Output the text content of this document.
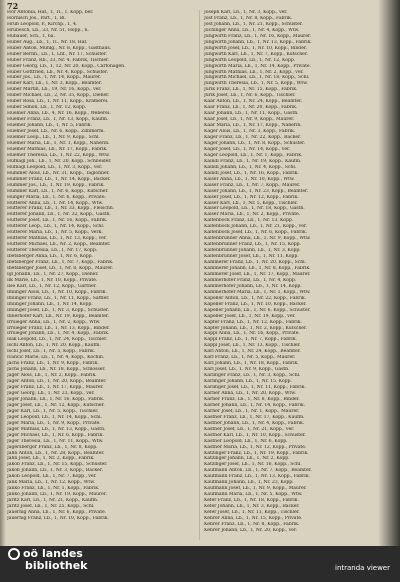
72
Hör Antonia, Haf., 1, Tl., 1, Kopp, ber.
Hörnisch Jos., Part., 1, Bl.
Hrub Leopold, P., Kirchp., 1, 4.
Hrubesch, Lb., 33, Nr. 51, Hopp., n.
Hubauer, Sch., 1, 6a.
Huber Aug., Lb., 1, Tl., Nr. 18, Haf.
Huber Anton, Mühlg., Nr. 8, Kopp., Gasthaus.
Huber Bernh., Lb., 1, Lhf., Nr. 17, Schuster.
Huber Franz, Rb., 33, Nr. 4, Fabrik, Tischler.
Huber Georg, Lb., 1, 12, Nr. 20, Kopp., Cartonagen.
Huber Gottfried, Lb., Nr. 4, Kopp., Schuster.
Huber Jos., Lb., 1, Nr. 14, Kopp., Maurer.
Huber Karl, Lb., 1, Nr. 3, Kopp., Beamter.
Huber Martin, Lb., 19, Nr. 16, Kopp., ver.
Huber Michael, Lb., 2, Nr. 35, Kopp., Diener.
Huber Rosa, Lb., 1, Nr. 11, Kopp., Krämerei.
Huber Simon, Lb., 1, Nr. 12, Kopp.
Huemer Anna, Lb., 4, Nr. 16, Kopp., Weberei.
Huemer Franz, Lb., 1, Nr. 13, Kopp., Kaufm.
Huemer Johann, Lb., 1, Nr. 5, Fabrik.
Huemer Josef, Lb., Nr. 6, Kopp., Zimmerm.
Huemer Leop., Lb., 1, Nr. 9, Kopp., Schl.
Huemer Maria, Lb., 1, Nr. 1, Kopp., Näherin.
Huemer Mathias, Lb., Nr. 17, Kopp., Fabrik.
Huemer Theresia, Lb., 1, Nr. 22, Kopp., Wtw.
Hufnagl Joh., Lb., 1, Nr. 20, Kopp., Schneider.
Hufnagl Leopold, Lb., 1, Nr. 3, Kopp., ver.
Hummer Alois, Lb., Nr. 31, Kopp., Taglöhner.
Hummer Franz, Lb., 1, Nr. 14, Kopp., Bäcker.
Hummer Jos., Lb., 1, Nr. 19, Kopp., Fabrik.
Hummer Karl, Lb., 1, Nr. 6, Kopp., Kutscher.
Hunger Maria, Lb., 1, Nr. 6, Kopp., Private.
Hutterer Anna, Lb., 1, Nr. 14, Kopp., Wtw.
Hutterer Franz, Lb., 1, Nr. 33, Kopp., Fleischh.
Hutterer Johann, Lb., 1, Nr. 32, Kopp., Gasth.
Hutterer Josef, Lb., 1, Nr. 16, Kopp., Fabrik.
Hutterer Leop., Lb., 1, Nr. 14, Kopp., Schl.
Hutterer Maria, Lb., 1, Nr. 5, Kopp., Verk.
Hutterer Mathias, Lb., 1, Nr. 13, Kopp., ver.
Hutterer Michael, Lb., Nr. 2, Kopp., Beamter.
Hutterer Theresia, Lb., 1, Nr. 17, Kopp.
Ibetsberger Anna, Lb., 1, Nr. 6, Kopp.
Ibetsberger Franz, Lb., 1, Nr. 7, Kopp., Fabrik.
Ibetsberger Josef, Lb., 1, Nr. 8, Kopp., Maurer.
Igl Johann, Lb., 1, Nr. 27, Kopp., Diener.
Ilk Marie, Lb., 1, Nr. 10, Kopp., Private.
Ilse Karl, Lb., 1, Nr. 12, Kopp., Gärtner.
Imlinger Alois, Lb., 1, Nr. 10, Kopp., Fabrik.
Imlinger Franz, Lb., 1, Nr. 11, Kopp., Sattler.
Imlinger Johann, Lb., 1, Nr. 14, Kopp.
Imlinger Josef, Lb., 1, Nr. 3, Kopp., Schuster.
Innerhofer Karl, Lb., Nr. 19, Kopp., Beamter.
Irrsieger Anna, Lb., 1, Nr. 2, Kopp., Wtw.
Irrsieger Franz, Lb., 1, Nr. 13, Kopp., Binder.
Irrsieger Johann, Lb., 1, Nr. 4, Kopp., Fabrik.
Isak Leopold, Lb., 1, Nr. 24, Kopp., Tischler.
Ischl Anton, Lb., 1, Nr. 20, Kopp., Kaufm.
Ischl Josef, Lb., 1, Nr. 5, Kopp., Fabrik.
Ivancic Marie, Lb., 1, Nr. 4, Kopp., Köchin.
Jachs Franz, Lb., 1, Nr. 9, Kopp., Fabrik.
Jachs Johann, Lb., Nr. 18, Kopp., Schlosser.
Jäger Alois, Lb., 1, Nr. 2, Kopp., Fabrik.
Jäger Anton, Lb., 1, Nr. 20, Kopp., Beamter.
Jäger Franz, Lb., 1, Nr. 17, Kopp., Maurer.
Jäger Georg, Lb., 1, Nr. 23, Kopp., ver.
Jäger Johann, Lb., 1, Nr. 16, Kopp., Fabrik.
Jäger Josef, Lb., 1, Nr. 12, Kopp., Kutscher.
Jäger Karl, Lb., 1, Nr. 5, Kopp., Tischler.
Jäger Leopold, Lb., 1, Nr. 14, Kopp., Schl.
Jäger Maria, Lb., 1, Nr. 9, Kopp., Private.
Jäger Mathias, Lb., 1, Nr. 13, Kopp., Gasth.
Jäger Michael, Lb., 1, Nr. 6, Kopp., Fabrik.
Jäger Theresia, Lb., 1, Nr. 11, Kopp., Wtw.
Jagersberger Franz, Lb., 1, Nr. 8, Kopp.
Jahn Anton, Lb., 1, Nr. 28, Kopp., Beamter.
Jahn Josef, Lb., 1, Nr. 2, Kopp., Fabrik.
Jakob Franz, Lb., 1, Nr. 15, Kopp., Schuster.
Jakob Johann, Lb., 1, Nr. 3, Kopp., Bäcker.
Jakob Leopold, Lb., 1, Nr. 7, Kopp., ver.
Jank Maria, Lb., 1, Nr. 12, Kopp., Wtw.
Janko Franz, Lb., 1, Nr. 1, Kopp., Fabrik.
Janko Johann, Lb., 1, Nr. 19, Kopp., Maurer.
Jaritz Karl, Lb., 1, Nr. 21, Kopp., Kaufm.
Jaritz Josef, Lb., 1, Nr. 25, Kopp., Schl.
Jauernig Anna, Lb., 1, Nr. 6, Kopp., Private.
Jauernig Franz, Lb., 1, Nr. 10, Kopp., Fabrik.
Joseph Karl, Lb., 1, Nr. 3, Kopp., ver.
Jost Franz, Lb., 1, Nr. 8, Kopp., Fabrik.
Jost Johann, Lb., 1, Nr. 21, Kopp., Schuster.
Juchinger Anna, Lb., 1, Nr. 4, Kopp., Wtw.
Jungwirth Franz, Lb., 1, Nr. 16, Kopp., Maurer.
Jungwirth Johann, Lb., 1, Nr. 13, Kopp., Fabrik.
Jungwirth Josef, Lb., 1, Nr. 10, Kopp., Binder.
Jungwirth Karl, Lb., 1, Nr. 7, Kopp., Kutscher.
Jungwirth Leopold, Lb., 1, Nr. 12, Kopp.
Jungwirth Maria, Lb., 1, Nr. 14, Kopp., Private.
Jungwirth Mathias, Lb., 1, Nr. 2, Kopp., ver.
Jungwirth Michael, Lb., 1, Nr. 18, Kopp., Schl.
Jungwirth Theresia, Lb., 1, Nr. 5, Kopp., Wtw.
Jurik Franz, Lb., 1, Nr. 15, Kopp., Fabrik.
Jurik Josef, Lb., 1, Nr. 6, Kopp., Tischler.
Kaar Anton, Lb., 1, Nr. 24, Kopp., Beamter.
Kaar Franz, Lb., 1, Nr. 20, Kopp., Fabrik.
Kaar Johann, Lb., 1, Nr. 11, Kopp., Gasth.
Kaar Josef, Lb., 1, Nr. 9, Kopp., Maurer.
Kaar Maria, Lb., 1, Nr. 17, Kopp., Näherin.
Kager Alois, Lb., 1, Nr. 3, Kopp., Fabrik.
Kager Franz, Lb., 1, Nr. 22, Kopp., Bäcker.
Kager Johann, Lb., 1, Nr. 8, Kopp., Schuster.
Kager Josef, Lb., 1, Nr. 14, Kopp., ver.
Kager Leopold, Lb., 1, Nr. 1, Kopp., Fabrik.
Kaindl Franz, Lb., 1, Nr. 19, Kopp., Kaufm.
Kaindl Johann, Lb., 1, Nr. 4, Kopp., Schl.
Kaindl Josef, Lb., 1, Nr. 16, Kopp., Fabrik.
Kaiser Anna, Lb., 1, Nr. 10, Kopp., Wtw.
Kaiser Franz, Lb., 1, Nr. 7, Kopp., Maurer.
Kaiser Johann, Lb., 1, Nr. 23, Kopp., Beamter.
Kaiser Josef, Lb., 1, Nr. 12, Kopp., Fabrik.
Kaiser Karl, Lb., 1, Nr. 5, Kopp., Tischler.
Kaiser Leopold, Lb., 1, Nr. 18, Kopp., Gasth.
Kaiser Maria, Lb., 1, Nr. 2, Kopp., Private.
Kaltenböck Franz, Lb., 1, Nr. 13, Kopp.
Kaltenböck Johann, Lb., 1, Nr. 21, Kopp., ver.
Kaltenböck Josef, Lb., 1, Nr. 6, Kopp., Fabrik.
Kaltenbrunner Anna, Lb., 1, Nr. 9, Kopp., Wtw.
Kaltenbrunner Franz, Lb., 1, Nr. 15, Kopp.
Kaltenbrunner Johann, Lb., 1, Nr. 3, Kopp.
Kaltenbrunner Josef, Lb., 1, Nr. 11, Kopp.
Kammerer Franz, Lb., 1, Nr. 20, Kopp., Schl.
Kammerer Johann, Lb., 1, Nr. 8, Kopp., Fabrik.
Kammerer Josef, Lb., 1, Nr. 17, Kopp., Maurer.
Kammerhofer Franz, Lb., 1, Nr. 4, Kopp.
Kammerhofer Johann, Lb., 1, Nr. 14, Kopp.
Kammerhofer Maria, Lb., 1, Nr. 1, Kopp., Wtw.
Kapeller Anton, Lb., 1, Nr. 22, Kopp., Fabrik.
Kapeller Franz, Lb., 1, Nr. 10, Kopp., Bäcker.
Kapeller Johann, Lb., 1, Nr. 6, Kopp., Schuster.
Kapeller Josef, Lb., 1, Nr. 19, Kopp., ver.
Kapfer Franz, Lb., 1, Nr. 12, Kopp., Fabrik.
Kapfer Johann, Lb., 1, Nr. 2, Kopp., Kutscher.
Kappl Anna, Lb., 1, Nr. 16, Kopp., Private.
Kappl Franz, Lb., 1, Nr. 7, Kopp., Fabrik.
Kappl Josef, Lb., 1, Nr. 13, Kopp., Tischler.
Karl Anton, Lb., 1, Nr. 24, Kopp., Beamter.
Karl Franz, Lb., 1, Nr. 5, Kopp., Maurer.
Karl Johann, Lb., 1, Nr. 18, Kopp., Fabrik.
Karl Josef, Lb., 1, Nr. 9, Kopp., Gasth.
Karlinger Franz, Lb., 1, Nr. 3, Kopp., Schl.
Karlinger Johann, Lb., 1, Nr. 15, Kopp.
Karlinger Josef, Lb., 1, Nr. 11, Kopp., Fabrik.
Karner Anna, Lb., 1, Nr. 20, Kopp., Wtw.
Karner Franz, Lb., 1, Nr. 8, Kopp., Binder.
Karner Johann, Lb., 1, Nr. 14, Kopp., Fabrik.
Karner Josef, Lb., 1, Nr. 1, Kopp., Maurer.
Kastner Franz, Lb., 1, Nr. 17, Kopp., Kaufm.
Kastner Johann, Lb., 1, Nr. 4, Kopp., Fabrik.
Kastner Josef, Lb., 1, Nr. 21, Kopp., ver.
Kastner Karl, Lb., 1, Nr. 10, Kopp., Schuster.
Kastner Leopold, Lb., 1, Nr. 6, Kopp.
Kastner Maria, Lb., 1, Nr. 12, Kopp., Private.
Katzinger Franz, Lb., 1, Nr. 19, Kopp., Fabrik.
Katzinger Johann, Lb., 1, Nr. 2, Kopp.
Katzinger Josef, Lb., 1, Nr. 16, Kopp., Schl.
Kaufmann Anton, Lb., 1, Nr. 7, Kopp., Beamter.
Kaufmann Franz, Lb., 1, Nr. 13, Kopp., Fabrik.
Kaufmann Johann, Lb., 1, Nr. 23, Kopp.
Kaufmann Josef, Lb., 1, Nr. 9, Kopp., Maurer.
Kaufmann Maria, Lb., 1, Nr. 5, Kopp., Wtw.
Kefer Franz, Lb., 1, Nr. 18, Kopp., Fabrik.
Kefer Johann, Lb., 1, Nr. 3, Kopp., Bäcker.
Kefer Josef, Lb., 1, Nr. 11, Kopp., Tischler.
Kehrer Anna, Lb., 1, Nr. 15, Kopp., Private.
Kehrer Franz, Lb., 1, Nr. 8, Kopp., Fabrik.
Kehrer Johann, Lb., 1, Nr. 20, Kopp., ver.
oö landes
bibliothek	intranda viewer
